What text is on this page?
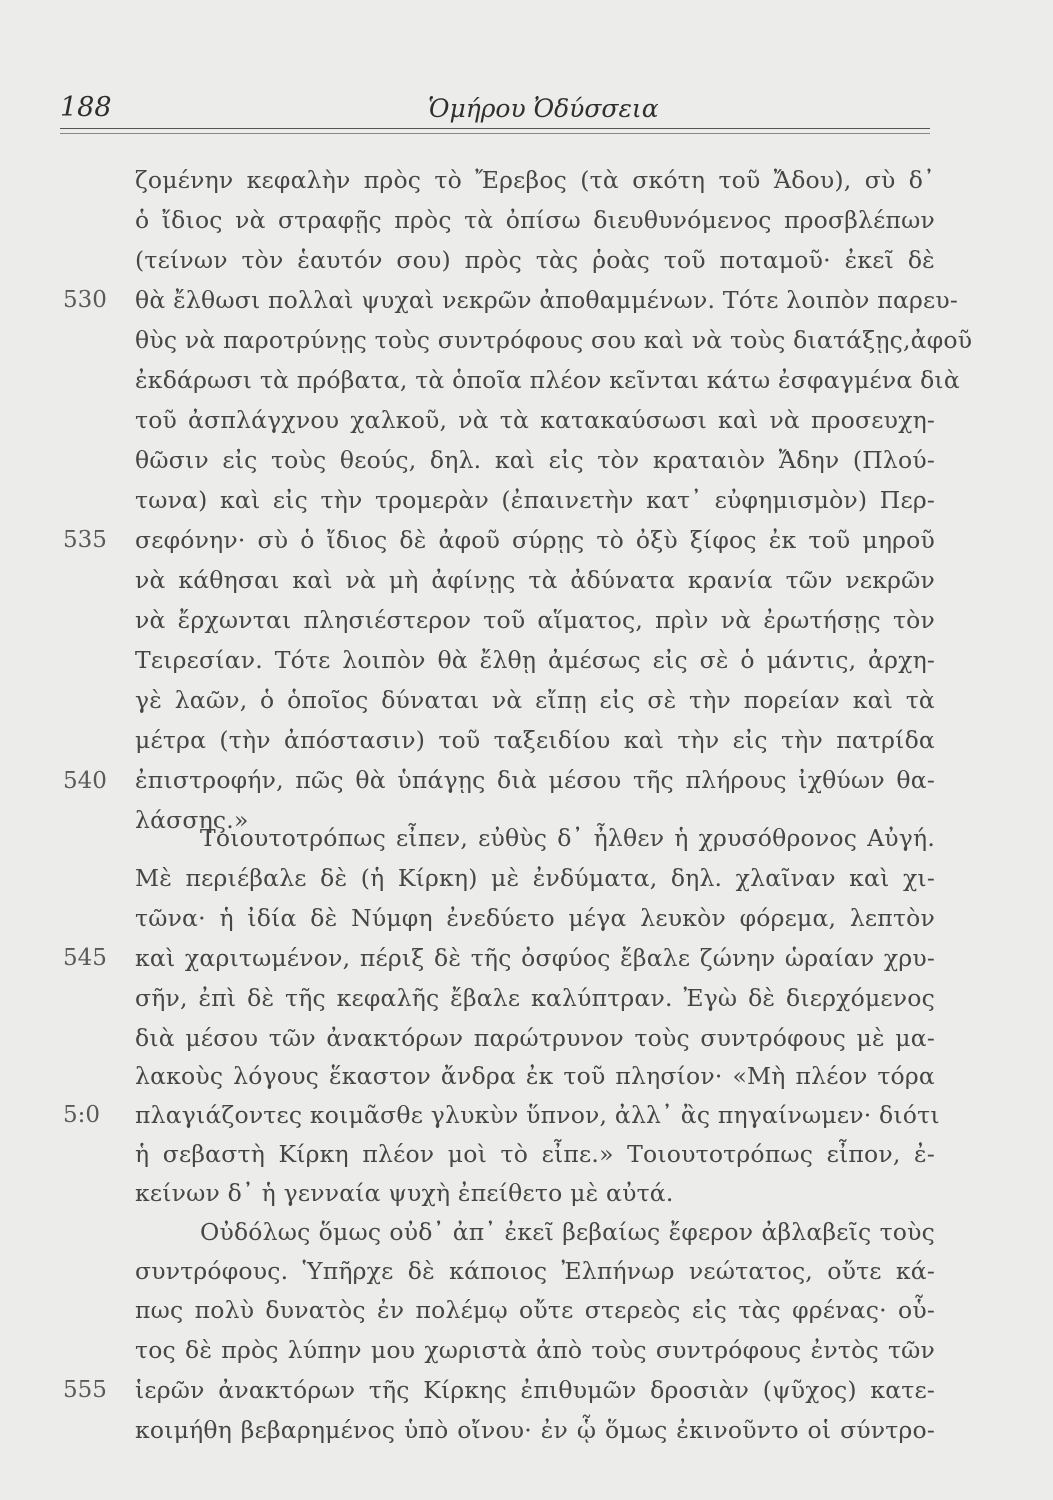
188	Ὁμήρου Ὀδύσσεια
530
535
540
545
5:0
555
ζομένην κεφαλὴν πρὸς τὸ Ἔρεβος (τὰ σκότη τοῦ Ἄδου), σὺ δ᾽
ὁ ἴδιος νὰ στραφῇς πρὸς τὰ ὀπίσω διευθυνόμενος προσβλέπων
(τείνων τὸν ἑαυτόν σου) πρὸς τὰς ῥοὰς τοῦ ποταμοῦ· ἐκεῖ δὲ
θὰ ἔλθωσι πολλαὶ ψυχαὶ νεκρῶν ἀποθαμμένων. Τότε λοιπὸν παρευ-
θὺς νὰ παροτρύνῃς τοὺς συντρόφους σου καὶ νὰ τοὺς διατάξῃς,ἀφοῦ
ἐκδάρωσι τὰ πρόβατα, τὰ ὁποῖα πλέον κεῖνται κάτω ἐσφαγμένα διὰ
τοῦ ἀσπλάγχνου χαλκοῦ, νὰ τὰ κατακαύσωσι καὶ νὰ προσευχη-
θῶσιν εἰς τοὺς θεούς, δηλ. καὶ εἰς τὸν κραταιὸν Ἄδην (Πλού-
τωνα) καὶ εἰς τὴν τρομερὰν (ἐπαινετὴν κατ᾽ εὐφημισμὸν) Περ-
σεφόνην· σὺ ὁ ἴδιος δὲ ἀφοῦ σύρῃς τὸ ὀξὺ ξίφος ἐκ τοῦ μηροῦ
νὰ κάθησαι καὶ νὰ μὴ ἀφίνῃς τὰ ἀδύνατα κρανία τῶν νεκρῶν
νὰ ἔρχωνται πλησιέστερον τοῦ αἵματος, πρὶν νὰ ἐρωτήσῃς τὸν
Τειρεσίαν. Τότε λοιπὸν θὰ ἔλθῃ ἀμέσως εἰς σὲ ὁ μάντις, ἀρχη-
γὲ λαῶν, ὁ ὁποῖος δύναται νὰ εἴπῃ εἰς σὲ τὴν πορείαν καὶ τὰ
μέτρα (τὴν ἀπόστασιν) τοῦ ταξειδίου καὶ τὴν εἰς τὴν πατρίδα
ἐπιστροφήν, πῶς θὰ ὑπάγῃς διὰ μέσου τῆς πλήρους ἰχθύων θα-
λάσσης.»
Τοιουτοτρόπως εἶπεν, εὐθὺς δ᾽ ἦλθεν ἡ χρυσόθρονος Αὐγή.
Μὲ περιέβαλε δὲ (ἡ Κίρκη) μὲ ἐνδύματα, δηλ. χλαῖναν καὶ χι-
τῶνα· ἡ ἰδία δὲ Νύμφη ἐνεδύετο μέγα λευκὸν φόρεμα, λεπτὸν
καὶ χαριτωμένον, πέριξ δὲ τῆς ὀσφύος ἔβαλε ζώνην ὡραίαν χρυ-
σῆν, ἐπὶ δὲ τῆς κεφαλῆς ἔβαλε καλύπτραν. Ἐγὼ δὲ διερχόμενος
διὰ μέσου τῶν ἀνακτόρων παρώτρυνον τοὺς συντρόφους μὲ μα-
λακοὺς λόγους ἕκαστον ἄνδρα ἐκ τοῦ πλησίον· «Μὴ πλέον τόρα
πλαγιάζοντες κοιμᾶσθε γλυκὺν ὕπνον, ἀλλ᾽ ἂς πηγαίνωμεν· διότι
ἡ σεβαστὴ Κίρκη πλέον μοὶ τὸ εἶπε.» Τοιουτοτρόπως εἶπον, ἐ-
κείνων δ᾽ ἡ γενναία ψυχὴ ἐπείθετο μὲ αὐτά.
Οὐδόλως ὅμως οὐδ᾽ ἀπ᾽ ἐκεῖ βεβαίως ἔφερον ἀβλαβεῖς τοὺς
συντρόφους. Ὑπῆρχε δὲ κάποιος Ἐλπήνωρ νεώτατος, οὔτε κά-
πως πολὺ δυνατὸς ἐν πολέμῳ οὔτε στερεὸς εἰς τὰς φρένας· οὗ-
τος δὲ πρὸς λύπην μου χωριστὰ ἀπὸ τοὺς συντρόφους ἐντὸς τῶν
ἱερῶν ἀνακτόρων τῆς Κίρκης ἐπιθυμῶν δροσιὰν (ψῦχος) κατε-
κοιμήθη βεβαρημένος ὑπὸ οἴνου· ἐν ᾧ ὅμως ἐκινοῦντο οἱ σύντρο-
